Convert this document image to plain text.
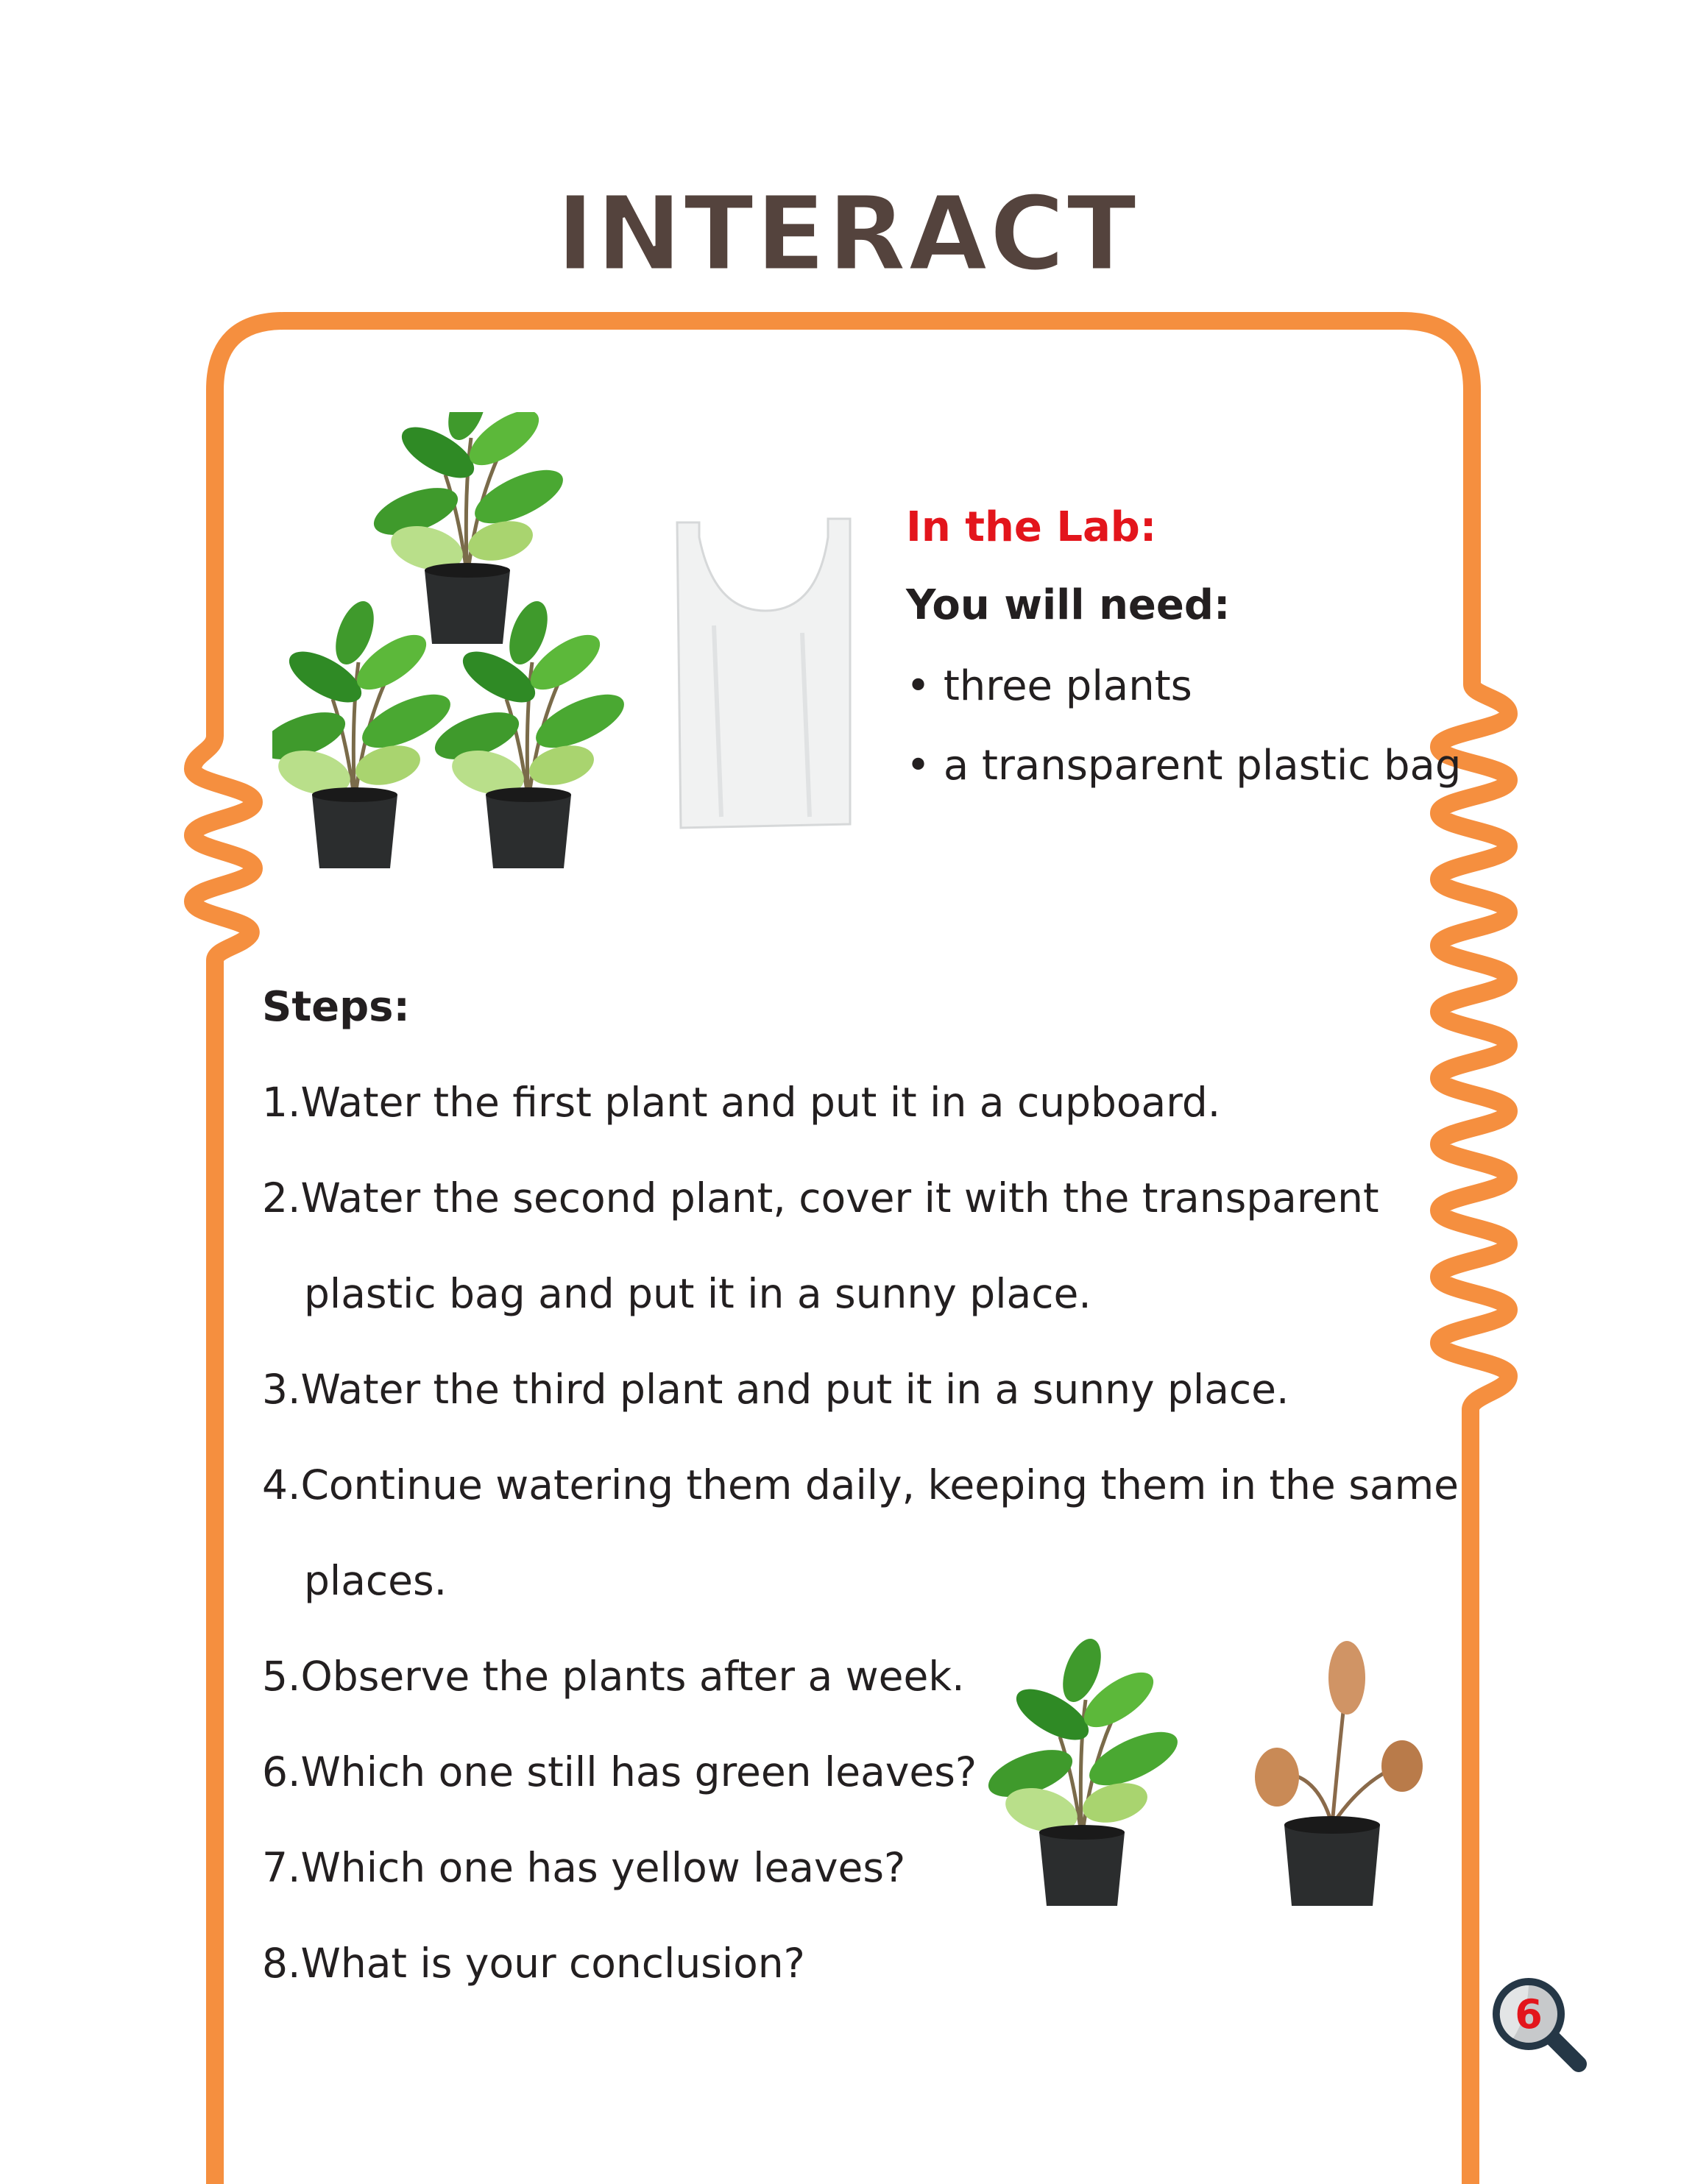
INTERACT
In the Lab:
You will need:
• three plants
• a transparent plastic bag
Steps:
1.Water the first plant and put it in a cupboard.
2.Water the second plant, cover it with the transparent
plastic bag and put it in a sunny place.
3.Water the third plant and put it in a sunny place.
4.Continue watering them daily, keeping them in the same
places.
5.Observe the plants after a week.
6.Which one still has green leaves?
7.Which one has yellow leaves?
8.What is your conclusion?
6
